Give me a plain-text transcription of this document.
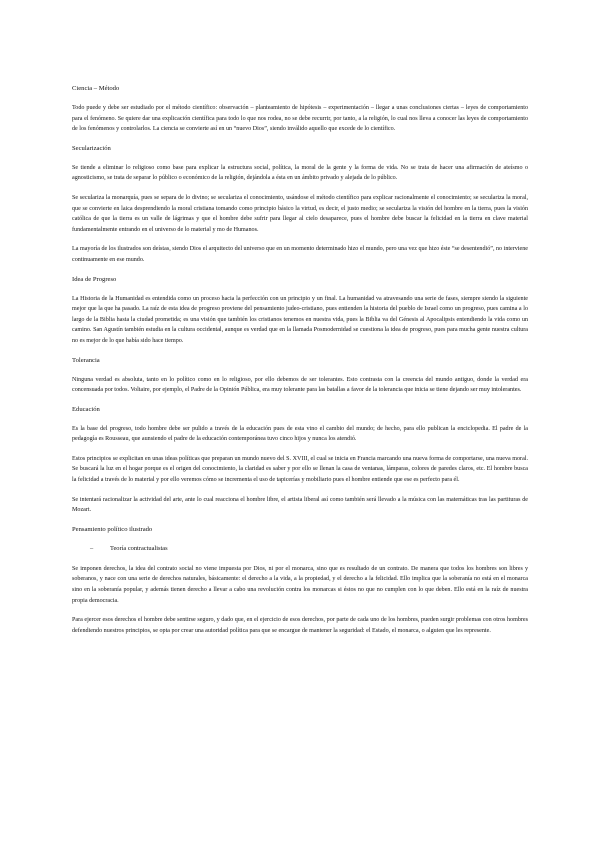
Ciencia – Método

Todo puede y debe ser estudiado por el método científico: observación – planteamiento de hipótesis – experimentación – llegar a unas conclusiones ciertas – leyes de comportamiento para el fenómeno. Se quiere dar una explicación científica para todo lo que nos rodea, no se debe recurrir, por tanto, a la religión, lo cual nos lleva a conocer las leyes de comportamiento de los fenómenos y controlarlos. La ciencia se convierte así en un “nuevo Dios”, siendo inválido aquello que excede de lo científico.

Secularización

Se tiende a eliminar lo religioso como base para explicar la estructura social, política, la moral de la gente y la forma de vida. No se trata de hacer una afirmación de ateísmo o agnosticismo, se trata de separar lo público o económico de la religión, dejándola a ésta en un ámbito privado y alejada de lo público.

Se seculariza la monarquía, pues se separa de lo divino; se seculariza el conocimiento, usándose el método científico para explicar racionalmente el conocimiento; se seculariza la moral, que se convierte en laica desprendiendo la moral cristiana tomando como principio básico la virtud, es decir, el justo medio; se seculariza la visión del hombre en la tierra, pues la visión católica de que la tierra es un valle de lágrimas y que el hombre debe sufrir para llegar al cielo desaparece, pues el hombre debe buscar la felicidad en la tierra en clave material fundamentalmente entrando en el universo de lo material y mo de Humanos.

La mayoría de los ilustrados son deístas, siendo Dios el arquitecto del universo que en un momento determinado hizo el mundo, pero una vez que hizo éste “se desentendió”, no interviene continuamente en ese mundo.

Idea de Progreso

La Historia de la Humanidad es entendida como un proceso hacia la perfección con un principio y un final. La humanidad va atravesando una serie de fases, siempre siendo la siguiente mejor que la que ha pasado. La raíz de esta idea de progreso proviene del pensamiento judeo-cristiano, pues entienden la historia del pueblo de Israel como un progreso, pues camina a lo largo de la Biblia hasta la ciudad prometida; es una visión que también los cristianos tenemos en nuestra vida, pues la Biblia va del Génesis al Apocalipsis entendiendo la vida como un camino. San Agustín también estudia en la cultura occidental, aunque es verdad que en la llamada Posmodernidad se cuestiona la idea de progreso, pues para mucha gente nuestra cultura no es mejor de lo que había sido hace tiempo.

Tolerancia

Ninguna verdad es absoluta, tanto en lo político como en lo religioso, por ello debemos de ser tolerantes. Esto contrasta con la creencia del mundo antiguo, donde la verdad era concensuada por todos. Voltaire, por ejemplo, el Padre de la Opinión Pública, era muy tolerante para las batallas a favor de la tolerancia que inicia se tiene dejando ser muy intolerantes.

Educación

Es la base del progreso, todo hombre debe ser pulido a través de la educación pues de esta vino el cambio del mundo; de hecho, para ello publican la enciclopedia. El padre de la pedagogía es Rousseau, que aunsiendo el padre de la educación contemporánea tuvo cinco hijos y nunca los atendió.

Estos principios se explicitan en unas ideas políticas que preparan un mundo nuevo del S. XVIII, el cual se inicia en Francia marcando una nueva forma de comportarse, una nueva moral. Se buscará la luz en el hogar porque es el origen del conocimiento, la claridad es saber y por ello se llenan la casa de ventanas, lámparas, colores de paredes claros, etc. El hombre busca la felicidad a través de lo material y por ello veremos cómo se incrementa el uso de tapicerías y mobiliario pues el hombre entiende que ese es perfecto para él.

Se intentará racionalizar la actividad del arte, ante lo cual reacciona el hombre libre, el artista liberal así como también será llevado a la música con las matemáticas tras las partituras de Mozart.

Pensamiento político ilustrado
–	Teoría contractualistas

Se imponen derechos, la idea del contrato social no viene impuesta por Dios, ni por el monarca, sino que es resultado de un contrato. De manera que todos los hombres son libres y soberanos, y nace con una serie de derechos naturales, básicamente: el derecho a la vida, a la propiedad, y el derecho a la felicidad. Ello implica que la soberanía no está en el monarca sino en la soberanía popular, y además tienen derecho a llevar a cabo una revolución contra los monarcas si éstos no que no cumplen con lo que deben. Ello está en la raíz de nuestra propia democracia.

Para ejercer esos derechos el hombre debe sentirse seguro, y dado que, en el ejercicio de esos derechos, por parte de cada uno de los hombres, pueden surgir problemas con otros hombres defendiendo nuestros principios, se opta por crear una autoridad política para que se encargue de mantener la seguridad: el Estado, el monarca, o alguien que les represente.
